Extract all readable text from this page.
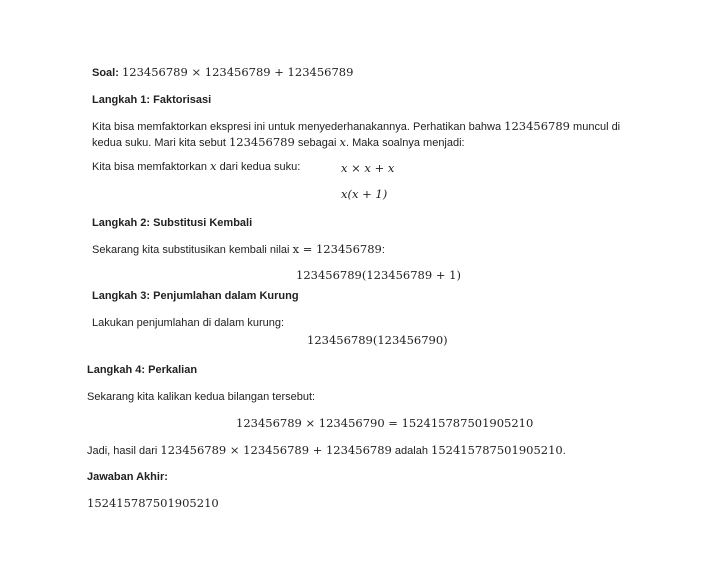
Soal: 123456789 × 123456789 + 123456789
Langkah 1: Faktorisasi
Kita bisa memfaktorkan ekspresi ini untuk menyederhanakannya. Perhatikan bahwa 123456789 muncul di kedua suku. Mari kita sebut 123456789 sebagai x. Maka soalnya menjadi:
Kita bisa memfaktorkan x dari kedua suku:	x × x + x
x(x + 1)
Langkah 2: Substitusi Kembali
Sekarang kita substitusikan kembali nilai x = 123456789:
123456789(123456789 + 1)
Langkah 3: Penjumlahan dalam Kurung
Lakukan penjumlahan di dalam kurung:
123456789(123456790)
Langkah 4: Perkalian
Sekarang kita kalikan kedua bilangan tersebut:
123456789 × 123456790 = 152415787501905210
Jadi, hasil dari 123456789 × 123456789 + 123456789 adalah 152415787501905210.
Jawaban Akhir:
152415787501905210
